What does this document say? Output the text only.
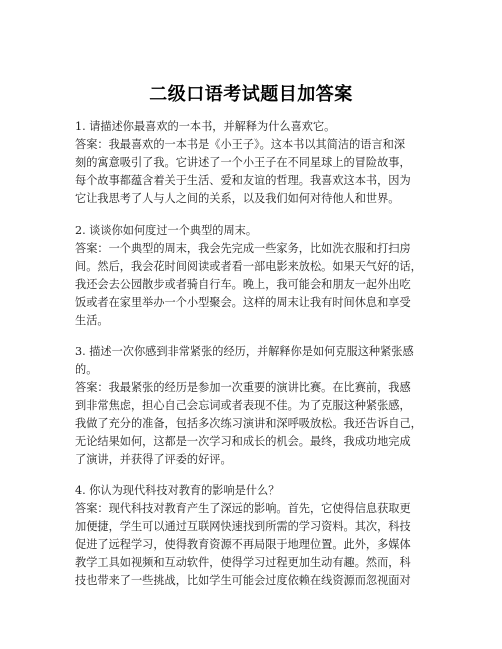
二级口语考试题目加答案
1. 请描述你最喜欢的一本书，并解释为什么喜欢它。
答案：我最喜欢的一本书是《小王子》。这本书以其简洁的语言和深
刻的寓意吸引了我。它讲述了一个小王子在不同星球上的冒险故事，
每个故事都蕴含着关于生活、爱和友谊的哲理。我喜欢这本书，因为
它让我思考了人与人之间的关系，以及我们如何对待他人和世界。
2. 谈谈你如何度过一个典型的周末。
答案：一个典型的周末，我会先完成一些家务，比如洗衣服和打扫房
间。然后，我会花时间阅读或者看一部电影来放松。如果天气好的话，
我还会去公园散步或者骑自行车。晚上，我可能会和朋友一起外出吃
饭或者在家里举办一个小型聚会。这样的周末让我有时间休息和享受
生活。
3. 描述一次你感到非常紧张的经历，并解释你是如何克服这种紧张感
的。
答案：我最紧张的经历是参加一次重要的演讲比赛。在比赛前，我感
到非常焦虑，担心自己会忘词或者表现不佳。为了克服这种紧张感，
我做了充分的准备，包括多次练习演讲和深呼吸放松。我还告诉自己，
无论结果如何，这都是一次学习和成长的机会。最终，我成功地完成
了演讲，并获得了评委的好评。
4. 你认为现代科技对教育的影响是什么？
答案：现代科技对教育产生了深远的影响。首先，它使得信息获取更
加便捷，学生可以通过互联网快速找到所需的学习资料。其次，科技
促进了远程学习，使得教育资源不再局限于地理位置。此外，多媒体
教学工具如视频和互动软件，使得学习过程更加生动有趣。然而，科
技也带来了一些挑战，比如学生可能会过度依赖在线资源而忽视面对
